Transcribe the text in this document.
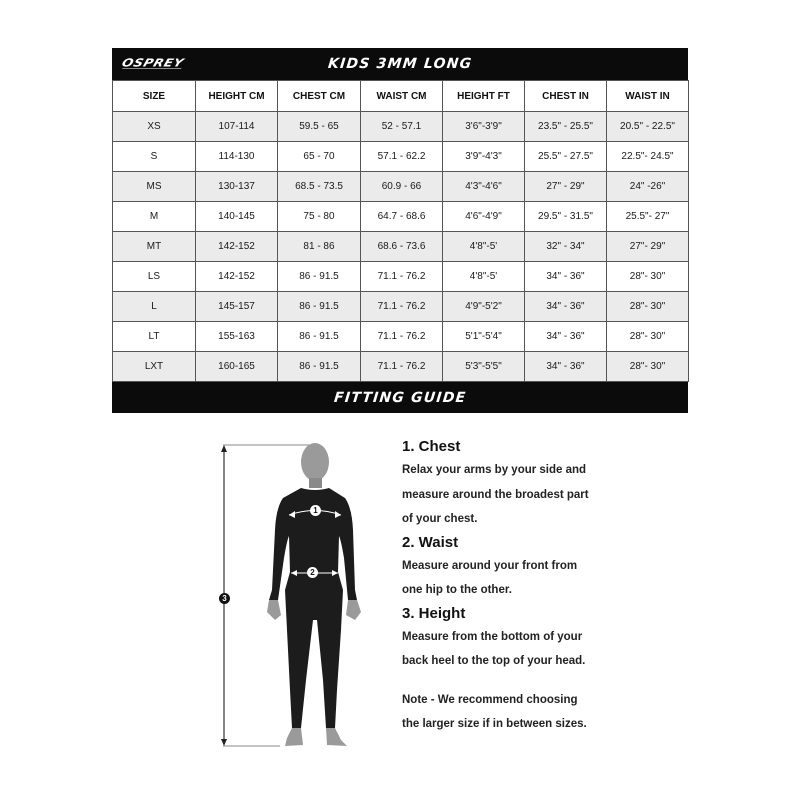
OSPREY	KIDS 3MM LONG
SIZE	HEIGHT CM	CHEST CM	WAIST CM	HEIGHT FT	CHEST IN	WAIST IN
XS	107-114	59.5 - 65	52 - 57.1	3'6"-3'9"	23.5" - 25.5"	20.5" - 22.5"
S	114-130	65 - 70	57.1 - 62.2	3'9"-4'3"	25.5" - 27.5"	22.5"- 24.5"
MS	130-137	68.5 - 73.5	60.9 - 66	4'3"-4'6"	27" - 29"	24" -26"
M	140-145	75 - 80	64.7 - 68.6	4'6"-4'9"	29.5" - 31.5"	25.5"- 27"
MT	142-152	81 - 86	68.6 - 73.6	4'8"-5'	32" - 34"	27"- 29"
LS	142-152	86 - 91.5	71.1 - 76.2	4'8"-5'	34" - 36"	28"- 30"
L	145-157	86 - 91.5	71.1 - 76.2	4'9"-5'2"	34" - 36"	28"- 30"
LT	155-163	86 - 91.5	71.1 - 76.2	5'1"-5'4"	34" - 36"	28"- 30"
LXT	160-165	86 - 91.5	71.1 - 76.2	5'3"-5'5"	34" - 36"	28"- 30"
FITTING GUIDE
1
2
3
1. Chest

Relax your arms by your side and

measure around the broadest part

of your chest.

2. Waist

Measure around your front from

one hip to the other.

3. Height

Measure from the bottom of your

back heel to the top of your head.

Note - We recommend choosing

the larger size if in between sizes.
